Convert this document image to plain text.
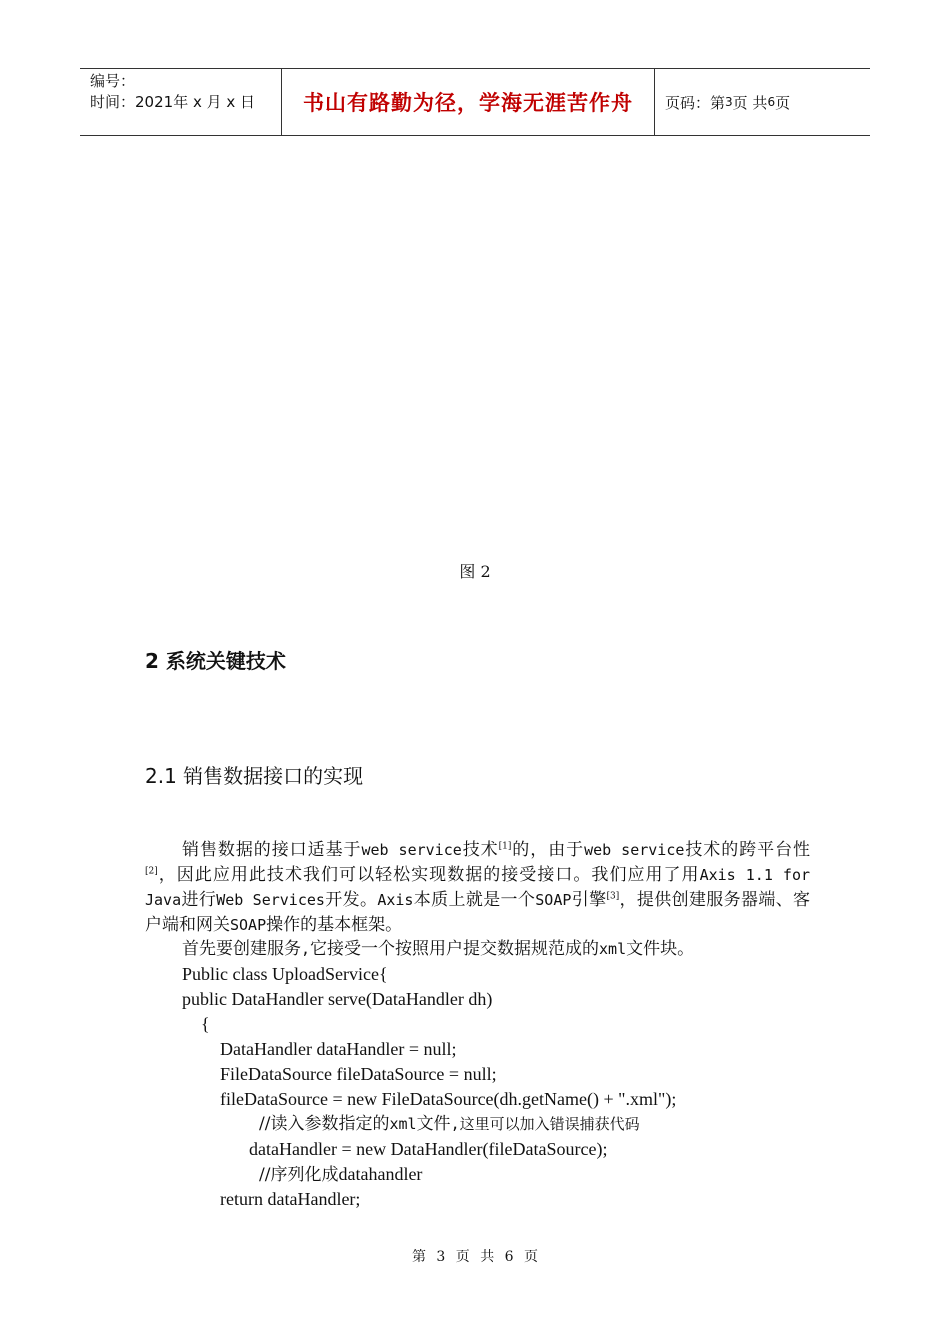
编号：
时间：2021年 x 月 x 日	书山有路勤为径，学海无涯苦作舟	页码：第 3 页 共 6 页
图 2
2 系统关键技术
2.1 销售数据接口的实现
销售数据的接口适基于web service技术[1]的，由于web service技术的跨平台性[2]，因此应用此技术我们可以轻松实现数据的接受接口。我们应用了用Axis 1.1 for Java进行Web Services开发。Axis本质上就是一个SOAP引擎[3]，提供创建服务器端、客户端和网关SOAP操作的基本框架。
首先要创建服务,它接受一个按照用户提交数据规范成的xml文件块。
Public class UploadService{
public DataHandler serve(DataHandler dh)
{
DataHandler dataHandler = null;
FileDataSource fileDataSource = null;
fileDataSource = new FileDataSource(dh.getName() + ".xml");
//读入参数指定的xml文件,这里可以加入错误捕获代码
dataHandler = new DataHandler(fileDataSource);
//序列化成datahandler
return dataHandler;
第 3 页 共 6 页
